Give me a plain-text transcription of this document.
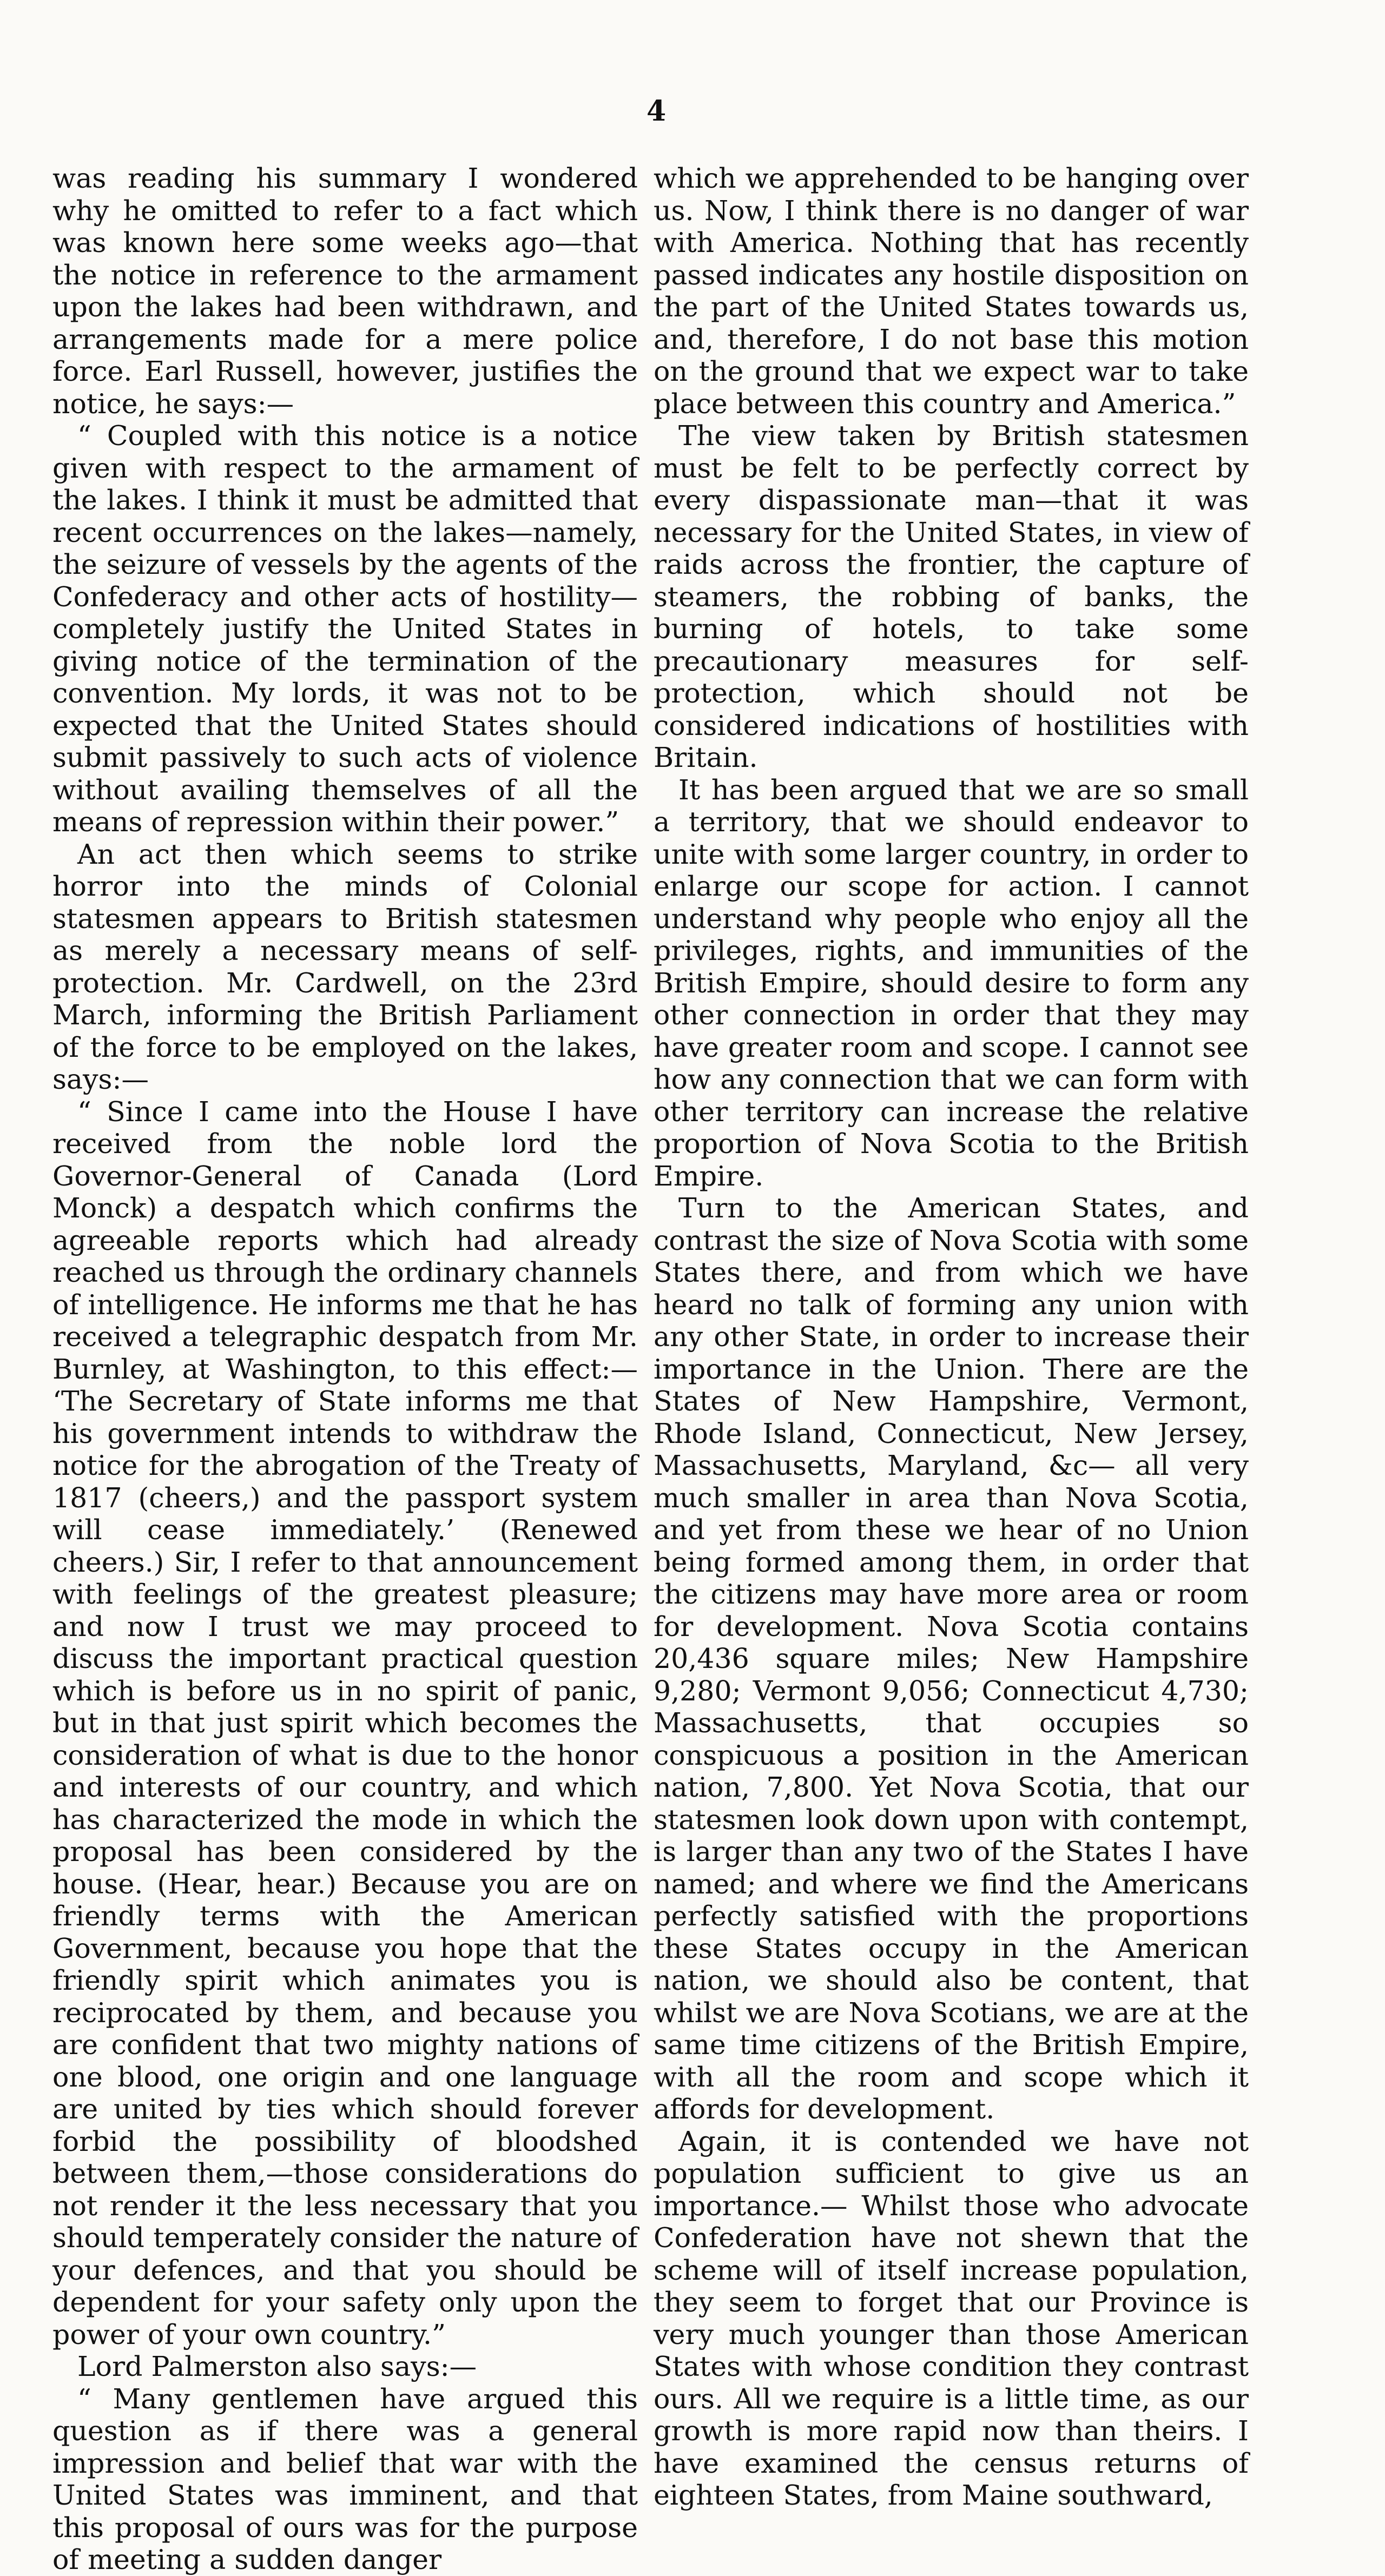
4

was reading his summary I wondered why he omitted to refer to a fact which was known here some weeks ago—that the notice in reference to the armament upon the lakes had been withdrawn, and arrangements made for a mere police force. Earl Russell, however, justifies the notice, he says:—

“ Coupled with this notice is a notice given with respect to the armament of the lakes. I think it must be admitted that recent occurrences on the lakes—namely, the seizure of vessels by the agents of the Confederacy and other acts of hostility—completely justify the United States in giving notice of the termination of the convention. My lords, it was not to be expected that the United States should submit passively to such acts of violence without availing themselves of all the means of repression within their power.”

An act then which seems to strike horror into the minds of Colonial statesmen appears to British statesmen as merely a necessary means of self-protection. Mr. Cardwell, on the 23rd March, informing the British Parliament of the force to be employed on the lakes, says:—

“ Since I came into the House I have received from the noble lord the Governor-General of Canada (Lord Monck) a despatch which confirms the agreeable reports which had already reached us through the ordinary channels of intelligence. He informs me that he has received a telegraphic despatch from Mr. Burnley, at Washington, to this effect:— ‘The Secretary of State informs me that his government intends to withdraw the notice for the abrogation of the Treaty of 1817 (cheers,) and the passport system will cease immediately.’ (Renewed cheers.) Sir, I refer to that announcement with feelings of the greatest pleasure; and now I trust we may proceed to discuss the important practical question which is before us in no spirit of panic, but in that just spirit which becomes the consideration of what is due to the honor and interests of our country, and which has characterized the mode in which the proposal has been considered by the house. (Hear, hear.) Because you are on friendly terms with the American Government, because you hope that the friendly spirit which animates you is reciprocated by them, and because you are confident that two mighty nations of one blood, one origin and one language are united by ties which should forever forbid the possibility of bloodshed between them,—those considerations do not render it the less necessary that you should temperately consider the nature of your defences, and that you should be dependent for your safety only upon the power of your own country.”

Lord Palmerston also says:—

“ Many gentlemen have argued this question as if there was a general impression and belief that war with the United States was imminent, and that this proposal of ours was for the purpose of meeting a sudden danger

which we apprehended to be hanging over us. Now, I think there is no danger of war with America. Nothing that has recently passed indicates any hostile disposition on the part of the United States towards us, and, therefore, I do not base this motion on the ground that we expect war to take place between this country and America.”

The view taken by British statesmen must be felt to be perfectly correct by every dispassionate man—that it was necessary for the United States, in view of raids across the frontier, the capture of steamers, the robbing of banks, the burning of hotels, to take some precautionary measures for self-protection, which should not be considered indications of hostilities with Britain.

It has been argued that we are so small a territory, that we should endeavor to unite with some larger country, in order to enlarge our scope for action. I cannot understand why people who enjoy all the privileges, rights, and immunities of the British Empire, should desire to form any other connection in order that they may have greater room and scope. I cannot see how any connection that we can form with other territory can increase the relative proportion of Nova Scotia to the British Empire.

Turn to the American States, and contrast the size of Nova Scotia with some States there, and from which we have heard no talk of forming any union with any other State, in order to increase their importance in the Union. There are the States of New Hampshire, Vermont, Rhode Island, Connecticut, New Jersey, Massachusetts, Maryland, &c— all very much smaller in area than Nova Scotia, and yet from these we hear of no Union being formed among them, in order that the citizens may have more area or room for development. Nova Scotia contains 20,436 square miles; New Hampshire 9,280; Vermont 9,056; Connecticut 4,730; Massachusetts, that occupies so conspicuous a position in the American nation, 7,800. Yet Nova Scotia, that our statesmen look down upon with contempt, is larger than any two of the States I have named; and where we find the Americans perfectly satisfied with the proportions these States occupy in the American nation, we should also be content, that whilst we are Nova Scotians, we are at the same time citizens of the British Empire, with all the room and scope which it affords for development.

Again, it is contended we have not population sufficient to give us an importance.— Whilst those who advocate Confederation have not shewn that the scheme will of itself increase population, they seem to forget that our Province is very much younger than those American States with whose condition they contrast ours. All we require is a little time, as our growth is more rapid now than theirs. I have examined the census returns of eighteen States, from Maine southward,
